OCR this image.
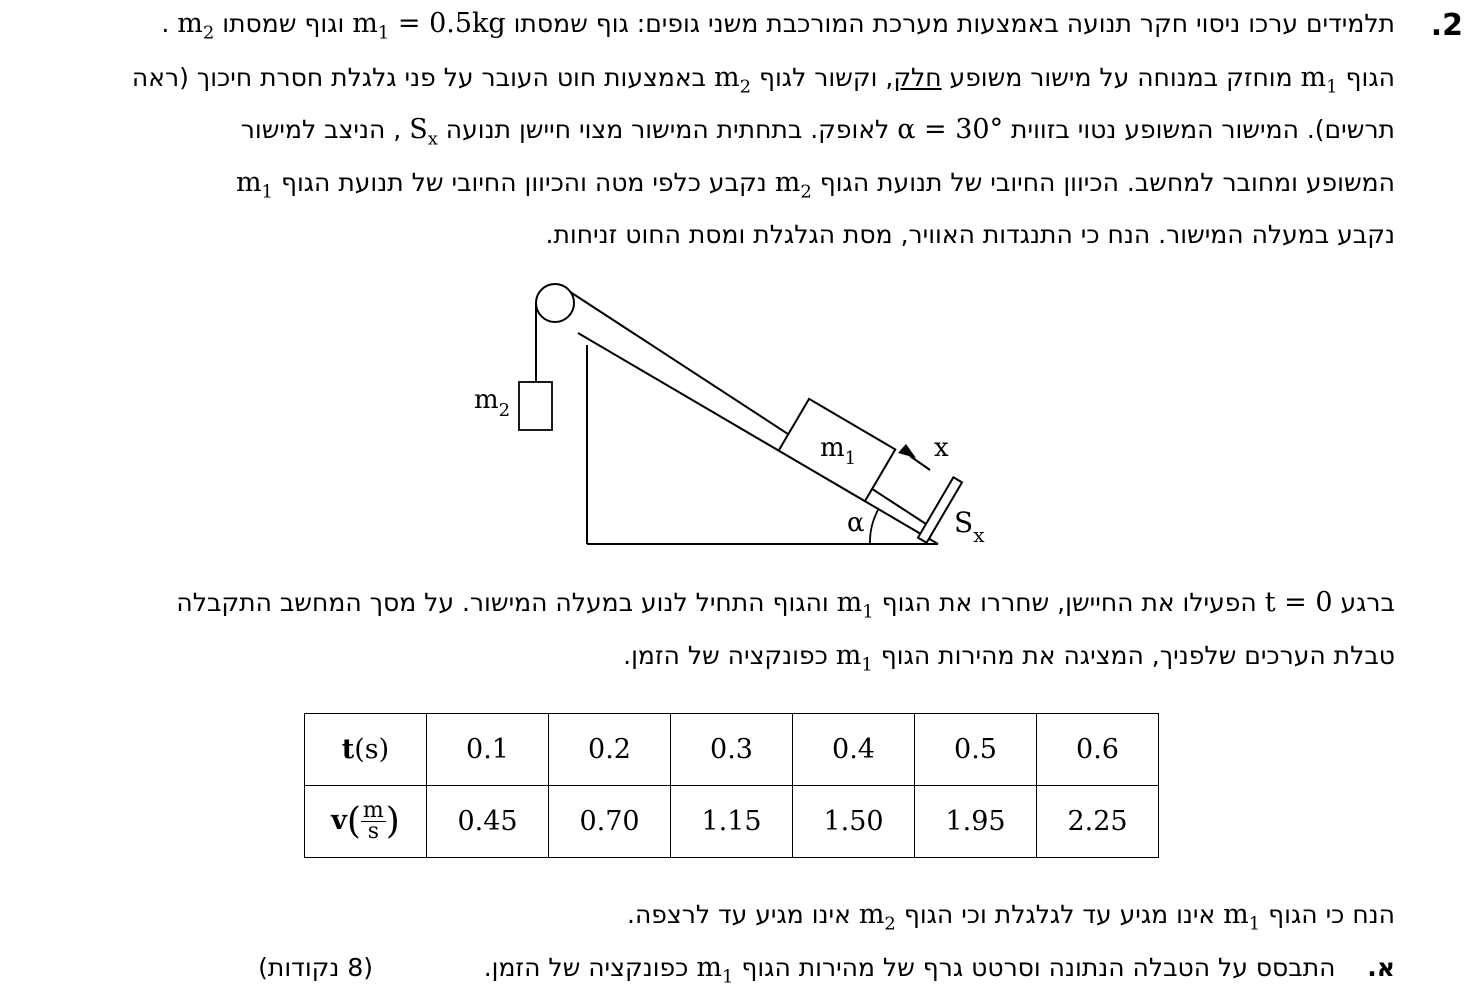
.2
תלמידים ערכו ניסוי חקר תנועה באמצעות מערכת המורכבת משני גופים: גוף שמסתו $m_1 = 0.5kg$ וגוף שמסתו $m_2$ .
הגוף $m_1$ מוחזק במנוחה על מישור משופע חלק, וקשור לגוף $m_2$ באמצעות חוט העובר על פני גלגלת חסרת חיכוך (ראה
תרשים). המישור המשופע נטוי בזווית α = 30° לאופק. בתחתית המישור מצוי חיישן תנועה $S_x$ , הניצב למישור
המשופע ומחובר למחשב. הכיוון החיובי של תנועת הגוף $m_2$ נקבע כלפי מטה והכיוון החיובי של תנועת הגוף $m_1$
נקבע במעלה המישור. הנח כי התנגדות האוויר, מסת הגלגלת ומסת החוט זניחות.
$m_2$
$m_1$	x
$S_x$
α
ברגע t = 0 הפעילו את החיישן, שחררו את הגוף $m_1$ והגוף התחיל לנוע במעלה המישור. על מסך המחשב התקבלה
טבלת הערכים שלפניך, המציגה את מהירות הגוף $m_1$ כפונקציה של הזמן.
t(s)	0.1	0.2	0.3	0.4	0.5	0.6
$v( \frac{m}{s}$ )	0.45	0.70	1.15	1.50	1.95	2.25
הנח כי הגוף $m_1$ אינו מגיע עד לגלגלת וכי הגוף $m_2$ אינו מגיע עד לרצפה.
א.    התבסס על הטבלה הנתונה וסרטט גרף של מהירות הגוף $m_1$ כפונקציה של הזמן.
(8 נקודות)
